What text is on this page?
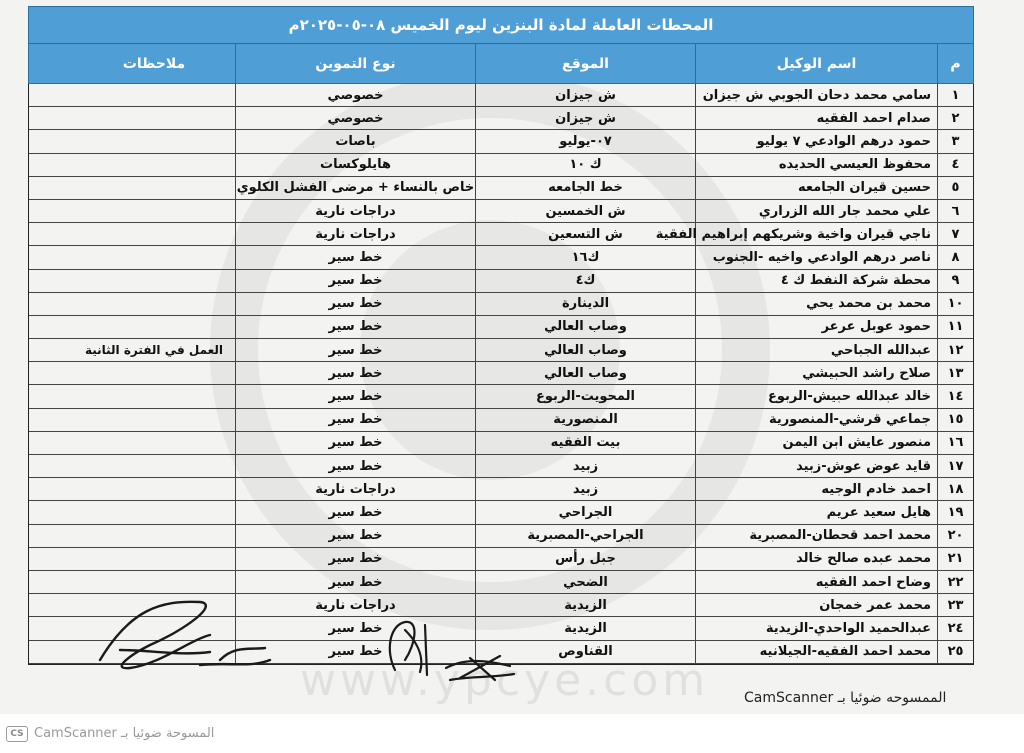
www.ypcye.com
المحطات العاملة لمادة البنزين ليوم الخميس ٠٨-٠٥-٢٠٢٥م
م
اسم الوكيل
الموقع
نوع التموين
ملاحظات
١
سامي محمد دحان الجوبي ش جيزان
ش جيزان
خصوصي
٢
صدام احمد الفقيه
ش جيزان
خصوصي
٣
حمود درهم الوادعي ٧ يوليو
٠٧-يوليو
باصات
٤
محفوظ العيسي الحديده
ك ١٠
هايلوكسات
٥
حسين قيران الجامعه
خط الجامعه
خاص بالنساء + مرضى الفشل الكلوي
٦
علي محمد جار الله الزراري
ش الخمسين
دراجات نارية
٧
ناجي قيران واخية وشريكهم إبراهيم الفقية
ش التسعين
دراجات نارية
٨
ناصر درهم الوادعي واخيه -الجنوب
ك١٦
خط سير
٩
محطة شركة النفط ك ٤
ك٤
خط سير
١٠
محمد بن محمد يحي
الدينارة
خط سير
١١
حمود عوبل عرعر
وصاب العالي
خط سير
١٢
عبدالله الجباحي
وصاب العالي
خط سير
العمل في الفترة الثانية
١٣
صلاح راشد الحبيشي
وصاب العالي
خط سير
١٤
خالد عبدالله حبيش-الربوع
المحويت-الربوع
خط سير
١٥
جماعي قرشي-المنصورية
المنصورية
خط سير
١٦
منصور عايش ابن اليمن
بيت الفقيه
خط سير
١٧
قايد عوض عوش-زبيد
زبيد
خط سير
١٨
احمد خادم الوجيه
زبيد
دراجات نارية
١٩
هايل سعيد عريم
الجراحي
خط سير
٢٠
محمد احمد قحطان-المصبرية
الجراحي-المصبرية
خط سير
٢١
محمد عبده صالح خالد
جبل رأس
خط سير
٢٢
وضاح احمد الفقيه
الضحي
خط سير
٢٣
محمد عمر خمجان
الزيدية
دراجات نارية
٢٤
عبدالحميد الواحدي-الزيدية
الزيدية
خط سير
٢٥
محمد احمد الفقيه-الجيلانيه
القناوص
خط سير
الممسوحه ضوئيا بـ CamScanner
CS CamScanner المسوحة ضوئيا بـ
